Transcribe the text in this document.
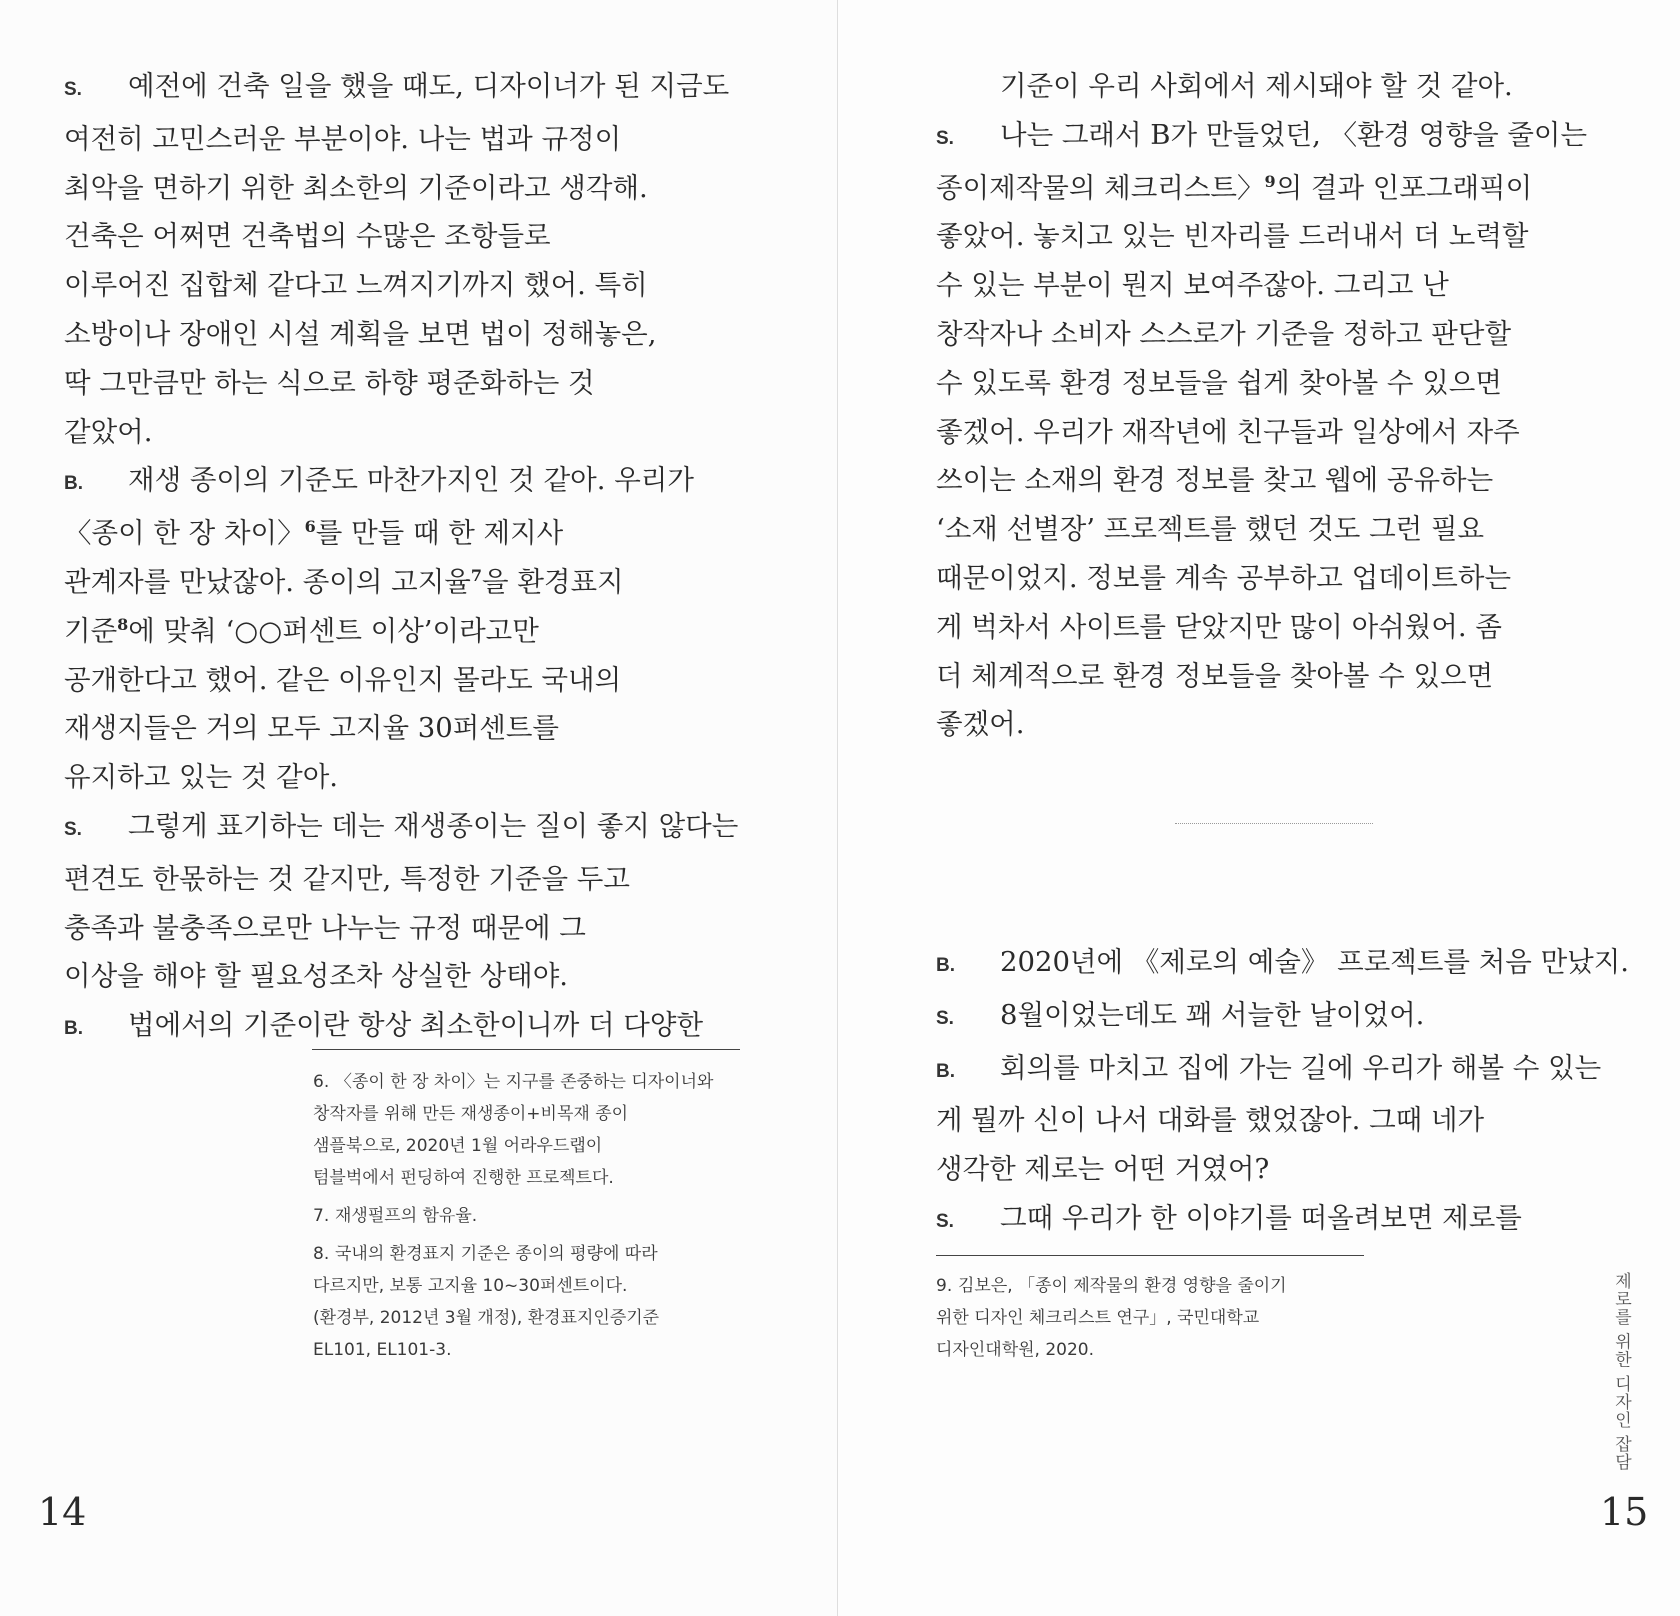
S. 예전에 건축 일을 했을 때도, 디자이너가 된 지금도
여전히 고민스러운 부분이야. 나는 법과 규정이
최악을 면하기 위한 최소한의 기준이라고 생각해.
건축은 어쩌면 건축법의 수많은 조항들로
이루어진 집합체 같다고 느껴지기까지 했어. 특히
소방이나 장애인 시설 계획을 보면 법이 정해놓은,
딱 그만큼만 하는 식으로 하향 평준화하는 것
같았어.

B. 재생 종이의 기준도 마찬가지인 것 같아. 우리가
〈종이 한 장 차이〉$^6$를 만들 때 한 제지사
관계자를 만났잖아. 종이의 고지율$^7$을 환경표지
기준$^8$에 맞춰 ‘○○퍼센트 이상’이라고만
공개한다고 했어. 같은 이유인지 몰라도 국내의
재생지들은 거의 모두 고지율 30퍼센트를
유지하고 있는 것 같아.

S. 그렇게 표기하는 데는 재생종이는 질이 좋지 않다는
편견도 한몫하는 것 같지만, 특정한 기준을 두고
충족과 불충족으로만 나누는 규정 때문에 그
이상을 해야 할 필요성조차 상실한 상태야.

B. 법에서의 기준이란 항상 최소한이니까 더 다양한

6. 〈종이 한 장 차이〉는 지구를 존중하는 디자이너와
창작자를 위해 만든 재생종이+비목재 종이
샘플북으로, 2020년 1월 어라우드랩이
텀블벅에서 펀딩하여 진행한 프로젝트다.

7. 재생펄프의 함유율.

8. 국내의 환경표지 기준은 종이의 평량에 따라
다르지만, 보통 고지율 10~30퍼센트이다.
(환경부, 2012년 3월 개정), 환경표지인증기준
EL101, EL101-3.

14

기준이 우리 사회에서 제시돼야 할 것 같아.

S. 나는 그래서 B가 만들었던, 〈환경 영향을 줄이는
종이제작물의 체크리스트〉$^9$의 결과 인포그래픽이
좋았어. 놓치고 있는 빈자리를 드러내서 더 노력할
수 있는 부분이 뭔지 보여주잖아. 그리고 난
창작자나 소비자 스스로가 기준을 정하고 판단할
수 있도록 환경 정보들을 쉽게 찾아볼 수 있으면
좋겠어. 우리가 재작년에 친구들과 일상에서 자주
쓰이는 소재의 환경 정보를 찾고 웹에 공유하는
‘소재 선별장’ 프로젝트를 했던 것도 그런 필요
때문이었지. 정보를 계속 공부하고 업데이트하는
게 벅차서 사이트를 닫았지만 많이 아쉬웠어. 좀
더 체계적으로 환경 정보들을 찾아볼 수 있으면
좋겠어.

B. 2020년에 《제로의 예술》 프로젝트를 처음 만났지.

S. 8월이었는데도 꽤 서늘한 날이었어.

B. 회의를 마치고 집에 가는 길에 우리가 해볼 수 있는
게 뭘까 신이 나서 대화를 했었잖아. 그때 네가
생각한 제로는 어떤 거였어?

S. 그때 우리가 한 이야기를 떠올려보면 제로를

9. 김보은, 「종이 제작물의 환경 영향을 줄이기
위한 디자인 체크리스트 연구」, 국민대학교
디자인대학원, 2020.	제로를 위한 디자인 잡담
15
